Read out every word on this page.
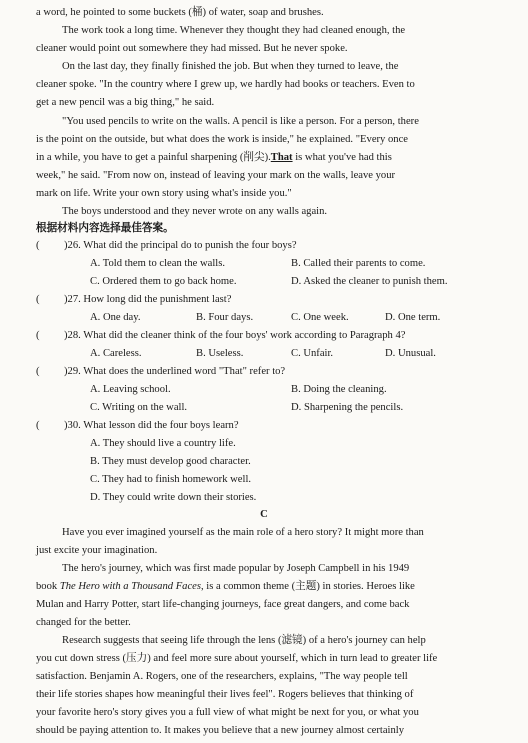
a word, he pointed to some buckets (桶) of water, soap and brushes.
The work took a long time. Whenever they thought they had cleaned enough, the
cleaner would point out somewhere they had missed. But he never spoke.
On the last day, they finally finished the job. But when they turned to leave, the
cleaner spoke. "In the country where I grew up, we hardly had books or teachers. Even to
get a new pencil was a big thing," he said.
"You used pencils to write on the walls. A pencil is like a person. For a person, there
is the point on the outside, but what does the work is inside," he explained. "Every once
in a while, you have to get a painful sharpening (削尖).That is what you've had this
week," he said. "From now on, instead of leaving your mark on the walls, leave your
mark on life. Write your own story using what's inside you."
The boys understood and they never wrote on any walls again.
根据材料内容选择最佳答案。
( )26. What did the principal do to punish the four boys?
A. Told them to clean the walls.	B. Called their parents to come.
C. Ordered them to go back home.	D. Asked the cleaner to punish them.
( )27. How long did the punishment last?
A. One day.	B. Four days.	C. One week.	D. One term.
( )28. What did the cleaner think of the four boys' work according to Paragraph 4?
A. Careless.	B. Useless.	C. Unfair.	D. Unusual.
( )29. What does the underlined word "That" refer to?
A. Leaving school.	B. Doing the cleaning.
C. Writing on the wall.	D. Sharpening the pencils.
( )30. What lesson did the four boys learn?
A. They should live a country life.
B. They must develop good character.
C. They had to finish homework well.
D. They could write down their stories.
C
Have you ever imagined yourself as the main role of a hero story? It might more than
just excite your imagination.
The hero's journey, which was first made popular by Joseph Campbell in his 1949
book The Hero with a Thousand Faces, is a common theme (主题) in stories. Heroes like
Mulan and Harry Potter, start life-changing journeys, face great dangers, and come back
changed for the better.
Research suggests that seeing life through the lens (滤镜) of a hero's journey can help
you cut down stress (压力) and feel more sure about yourself, which in turn lead to greater life
satisfaction. Benjamin A. Rogers, one of the researchers, explains, "The way people tell
their life stories shapes how meaningful their lives feel". Rogers believes that thinking of
your favorite hero's story gives you a full view of what might be next for you, or what you
should be paying attention to. It makes you believe that a new journey almost certainly
